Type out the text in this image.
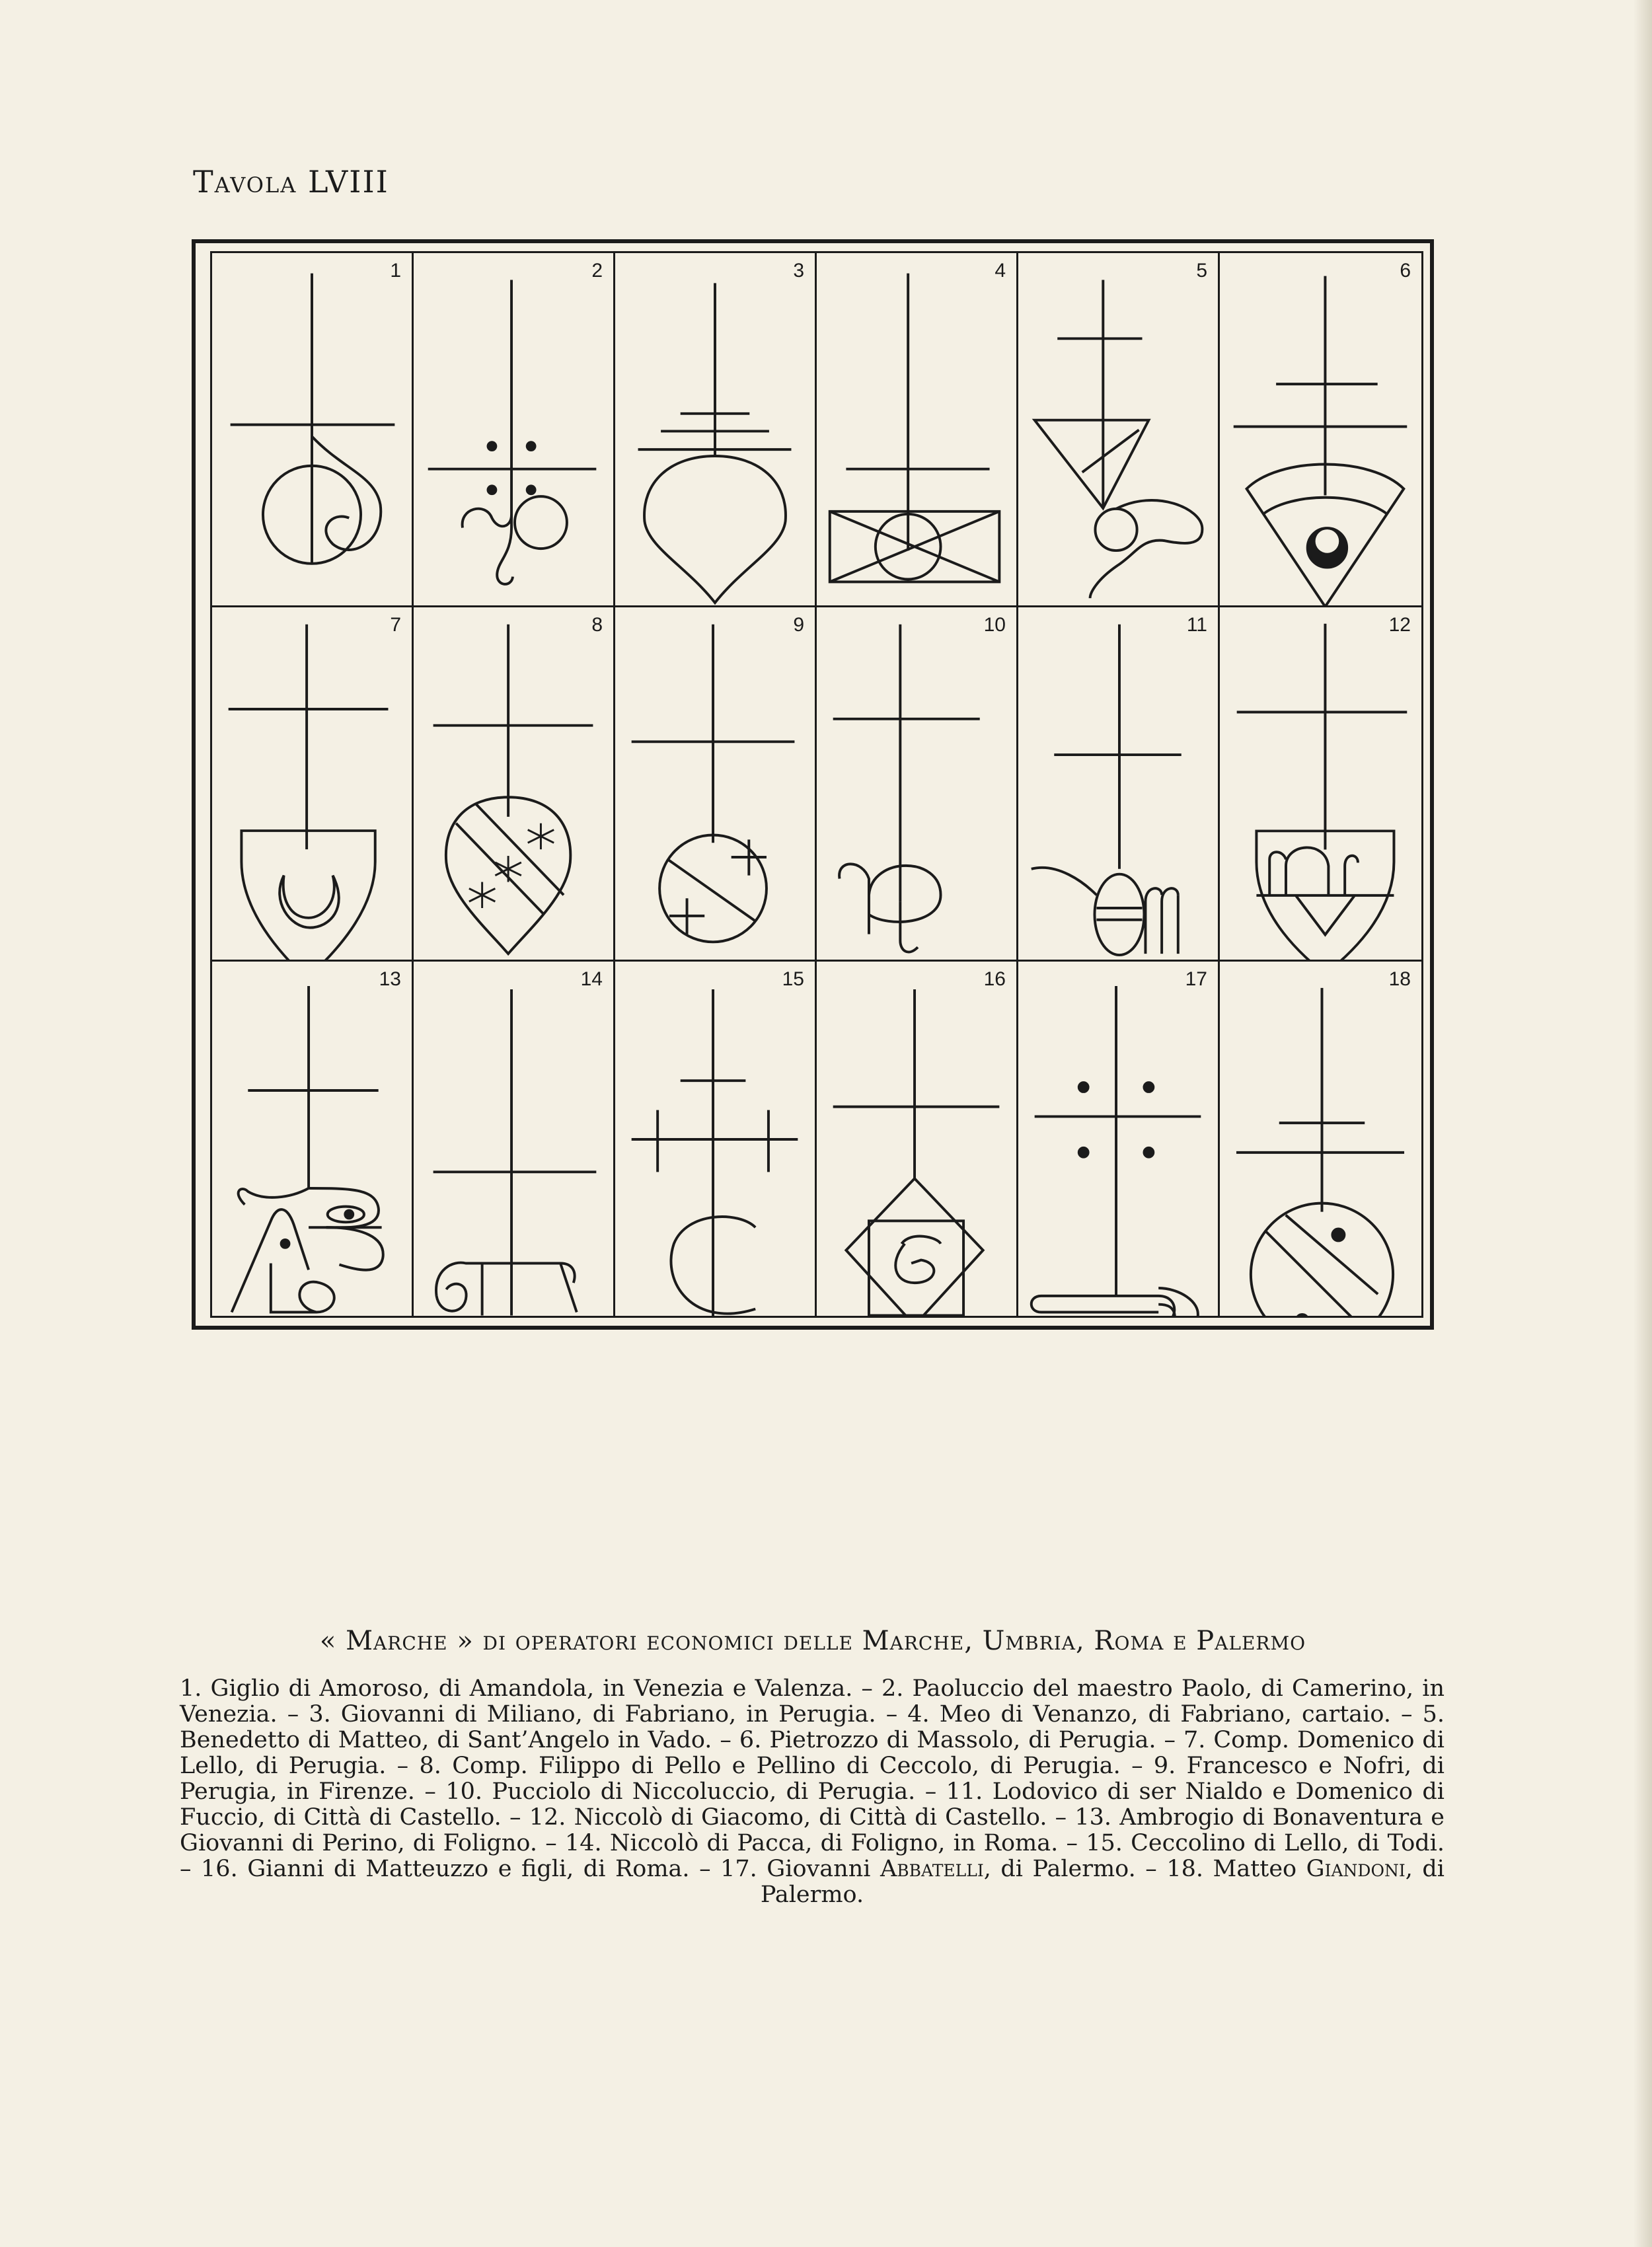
Tavola LVIII
1	2	3	4	5	6
7	8	9	10	11	12
13	14	15	16	17	18
« Marche » di operatori economici delle Marche, Umbria, Roma e Palermo
1. Giglio di Amoroso, di Amandola, in Venezia e Valenza. – 2. Paoluccio del maestro Paolo, di Camerino, in Venezia. – 3. Giovanni di Miliano, di Fabriano, in Perugia. – 4. Meo di Venanzo, di Fabriano, cartaio. – 5. Benedetto di Matteo, di Sant’Angelo in Vado. – 6. Pietrozzo di Massolo, di Perugia. – 7. Comp. Domenico di Lello, di Perugia. – 8. Comp. Filippo di Pello e Pellino di Ceccolo, di Perugia. – 9. Francesco e Nofri, di Perugia, in Firenze. – 10. Pucciolo di Niccoluccio, di Perugia. – 11. Lodovico di ser Nialdo e Domenico di Fuccio, di Città di Castello. – 12. Niccolò di Giacomo, di Città di Castello. – 13. Ambrogio di Bonaventura e Giovanni di Perino, di Foligno. – 14. Niccolò di Pacca, di Foligno, in Roma. – 15. Ceccolino di Lello, di Todi. – 16. Gianni di Matteuzzo e figli, di Roma. – 17. Giovanni Abbatelli, di Palermo. – 18. Matteo Giandoni, di Palermo.
